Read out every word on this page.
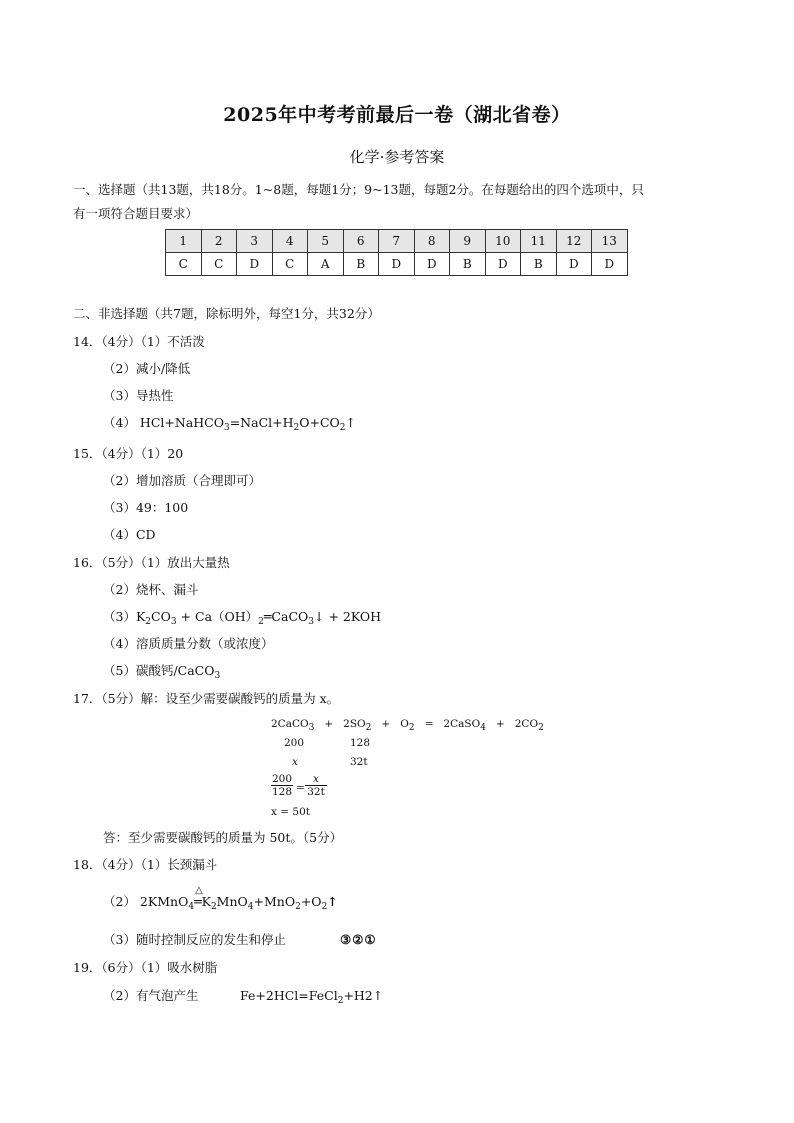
2025年中考考前最后一卷（湖北省卷）
化学·参考答案
一、选择题（共13题，共18分。1~8题，每题1分；9~13题，每题2分。在每题给出的四个选项中，只
有一项符合题目要求）
1	2	3	4	5	6	7	8	9	10	11	12	13
C	C	D	C	A	B	D	D	B	D	B	D	D
二、非选择题（共7题，除标明外，每空1分，共32分）
14．（4分）（1）不活泼
（2）减小/降低
（3）导热性
（4） $HCl+NaHCO_3=NaCl+H_2O+CO_2↑$
15．（4分）（1）20
（2）增加溶质（合理即可）
（3）49：100
（4）CD
16．（5分）（1）放出大量热
（2）烧杯、漏斗
$(3)K_2CO_3$ + $Ca(OH)_2═CaCO_3↓ + 2KOH$
（4）溶质质量分数（或浓度）
（5）碳酸钙/CaCO$_3$
17．（5分）解：设至少需要碳酸钙的质量为 x。
2CaCO3   +   2SO2   +   O2   =   2CaSO4   +   2CO2
200	128
x	32t
$\frac{200}{128} = \frac{x}{32t}$
x = 50t
答：至少需要碳酸钙的质量为 50t。（5分）
18．（4分）（1）长颈漏斗
（2） 2KMnO$_4$
△
$═K_2MnO_4+MnO_2+O_2↑$
（3）随时控制反应的发生和停止	③②①
19．（6分）（1）吸水树脂
（2）有气泡产生	Fe+2HCl=FeCl$_2$+H2↑
